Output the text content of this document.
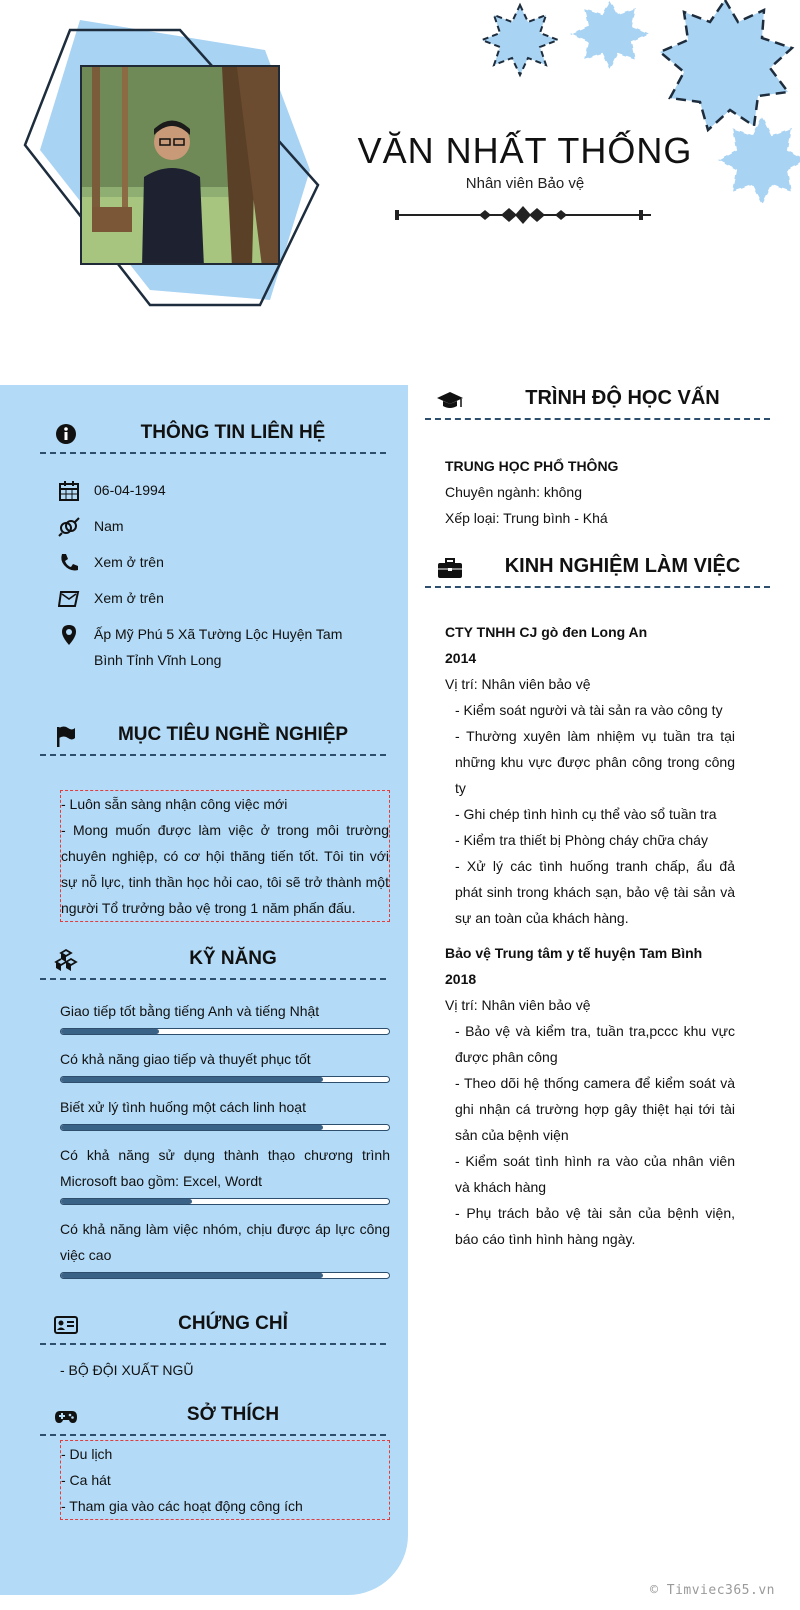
VĂN NHẤT THỐNG
Nhân viên Bảo vệ
THÔNG TIN LIÊN HỆ
06-04-1994
Nam
Xem ở trên
Xem ở trên
Ấp Mỹ Phú 5 Xã Tường Lộc Huyện Tam Bình Tỉnh Vĩnh Long
MỤC TIÊU NGHỀ NGHIỆP
- Luôn sẵn sàng nhận công việc mới
- Mong muốn được làm việc ở trong môi trường chuyên nghiệp, có cơ hội thăng tiến tốt. Tôi tin với sự nỗ lực, tinh thần học hỏi cao, tôi sẽ trở thành một người Tổ trưởng bảo vệ trong 1 năm phấn đấu.
KỸ NĂNG
Giao tiếp tốt bằng tiếng Anh và tiếng Nhật
Có khả năng giao tiếp và thuyết phục tốt
Biết xử lý tình huống một cách linh hoạt
Có khả năng sử dụng thành thạo chương trình Microsoft bao gồm: Excel, Wordt
Có khả năng làm việc nhóm, chịu được áp lực công việc cao
CHỨNG CHỈ
- BỘ ĐỘI XUẤT NGŨ
SỞ THÍCH
- Du lịch
- Ca hát
- Tham gia vào các hoạt động công ích
TRÌNH ĐỘ HỌC VẤN
TRUNG HỌC PHỔ THÔNG
Chuyên ngành: không
Xếp loại: Trung bình - Khá
KINH NGHIỆM LÀM VIỆC
CTY TNHH CJ gò đen Long An
2014
Vị trí: Nhân viên bảo vệ
- Kiểm soát người và tài sản ra vào công ty
- Thường xuyên làm nhiệm vụ tuần tra tại những khu vực được phân công trong công ty
- Ghi chép tình hình cụ thể vào sổ tuần tra
- Kiểm tra thiết bị Phòng cháy chữa cháy
- Xử lý các tình huống tranh chấp, ẩu đả phát sinh trong khách sạn, bảo vệ tài sản và sự an toàn của khách hàng.
Bảo vệ Trung tâm y tế huyện Tam Bình
2018
Vị trí: Nhân viên bảo vệ
- Bảo vệ và kiểm tra, tuần tra,pccc khu vực được phân công
- Theo dõi hệ thống camera để kiểm soát và ghi nhận cá trường hợp gây thiệt hại tới tài sản của bệnh viện
- Kiểm soát tình hình ra vào của nhân viên và khách hàng
- Phụ trách bảo vệ tài sản của bệnh viện, báo cáo tình hình hàng ngày.
© Timviec365.vn
